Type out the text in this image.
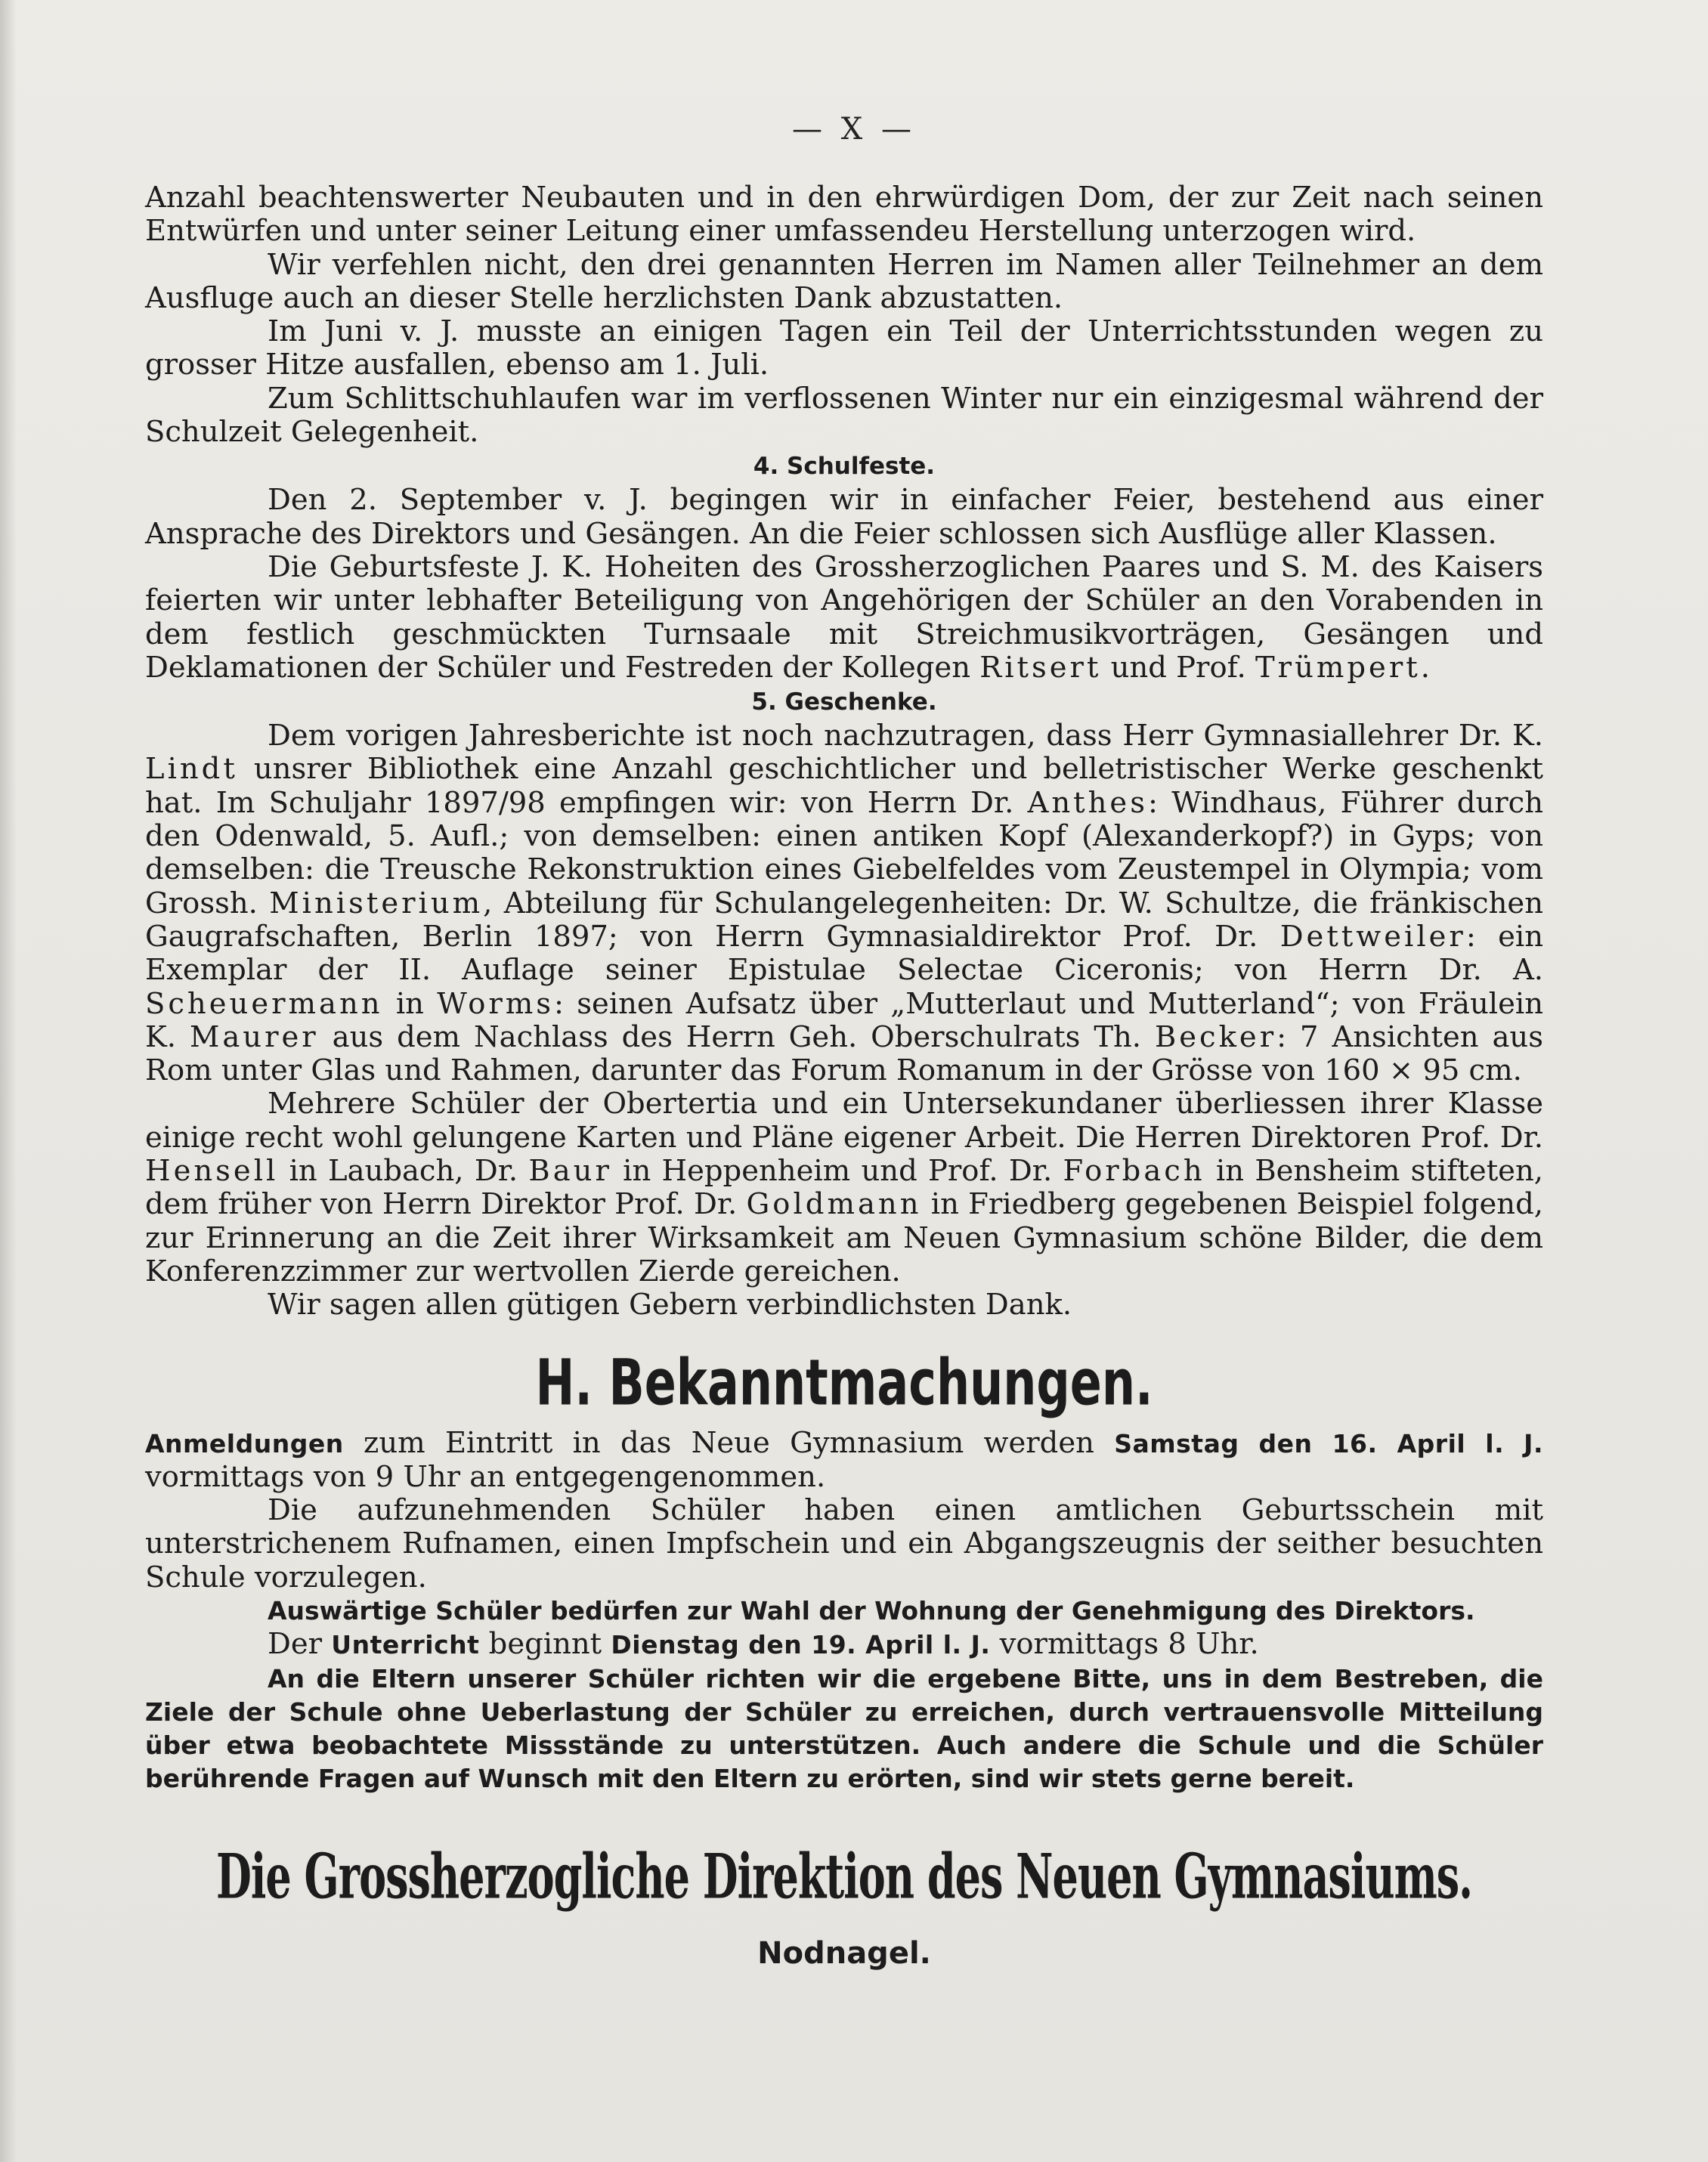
— X —

Anzahl beachtenswerter Neubauten und in den ehrwürdigen Dom, der zur Zeit nach seinen Entwürfen und unter seiner Leitung einer umfassendeu Herstellung unterzogen wird.

Wir verfehlen nicht, den drei genannten Herren im Namen aller Teilnehmer an dem Ausfluge auch an dieser Stelle herzlichsten Dank abzustatten.

Im Juni v. J. musste an einigen Tagen ein Teil der Unterrichtsstunden wegen zu grosser Hitze ausfallen, ebenso am 1. Juli.

Zum Schlittschuhlaufen war im verflossenen Winter nur ein einzigesmal während der Schulzeit Gelegenheit.

4. Schulfeste.

Den 2. September v. J. begingen wir in einfacher Feier, bestehend aus einer Ansprache des Direktors und Gesängen. An die Feier schlossen sich Ausflüge aller Klassen.

Die Geburtsfeste J. K. Hoheiten des Grossherzoglichen Paares und S. M. des Kaisers feierten wir unter lebhafter Beteiligung von Angehörigen der Schüler an den Vorabenden in dem festlich geschmückten Turnsaale mit Streichmusikvorträgen, Gesängen und Deklamationen der Schüler und Festreden der Kollegen Ritsert und Prof. Trümpert.

5. Geschenke.

Dem vorigen Jahresberichte ist noch nachzutragen, dass Herr Gymnasiallehrer Dr. K. Lindt unsrer Bibliothek eine Anzahl geschichtlicher und belletristischer Werke geschenkt hat. Im Schuljahr 1897/98 empfingen wir: von Herrn Dr. Anthes: Windhaus, Führer durch den Odenwald, 5. Aufl.; von demselben: einen antiken Kopf (Alexanderkopf?) in Gyps; von demselben: die Treusche Rekonstruktion eines Giebelfeldes vom Zeustempel in Olympia; vom Grossh. Ministerium, Abteilung für Schulangelegenheiten: Dr. W. Schultze, die fränkischen Gaugrafschaften, Berlin 1897; von Herrn Gymnasialdirektor Prof. Dr. Dettweiler: ein Exemplar der II. Auflage seiner Epistulae Selectae Ciceronis; von Herrn Dr. A. Scheuermann in Worms: seinen Aufsatz über „Mutterlaut und Mutterland“; von Fräulein K. Maurer aus dem Nachlass des Herrn Geh. Oberschulrats Th. Becker: 7 Ansichten aus Rom unter Glas und Rahmen, darunter das Forum Romanum in der Grösse von 160 × 95 cm.

Mehrere Schüler der Obertertia und ein Untersekundaner überliessen ihrer Klasse einige recht wohl gelungene Karten und Pläne eigener Arbeit. Die Herren Direktoren Prof. Dr. Hensell in Laubach, Dr. Baur in Heppenheim und Prof. Dr. Forbach in Bensheim stifteten, dem früher von Herrn Direktor Prof. Dr. Goldmann in Friedberg gegebenen Beispiel folgend, zur Erinnerung an die Zeit ihrer Wirksamkeit am Neuen Gymnasium schöne Bilder, die dem Konferenzzimmer zur wertvollen Zierde gereichen.

Wir sagen allen gütigen Gebern verbindlichsten Dank.

H. Bekanntmachungen.

Anmeldungen zum Eintritt in das Neue Gymnasium werden Samstag den 16. April l. J. vormittags von 9 Uhr an entgegengenommen.

Die aufzunehmenden Schüler haben einen amtlichen Geburtsschein mit unterstrichenem Rufnamen, einen Impfschein und ein Abgangszeugnis der seither besuchten Schule vorzulegen.

Auswärtige Schüler bedürfen zur Wahl der Wohnung der Genehmigung des Direktors.

Der Unterricht beginnt Dienstag den 19. April l. J. vormittags 8 Uhr.

An die Eltern unserer Schüler richten wir die ergebene Bitte, uns in dem Bestreben, die Ziele der Schule ohne Ueberlastung der Schüler zu erreichen, durch vertrauensvolle Mitteilung über etwa beobachtete Missstände zu unterstützen. Auch andere die Schule und die Schüler berührende Fragen auf Wunsch mit den Eltern zu erörten, sind wir stets gerne bereit.

Die Grossherzogliche Direktion des Neuen Gymnasiums.
Nodnagel.
